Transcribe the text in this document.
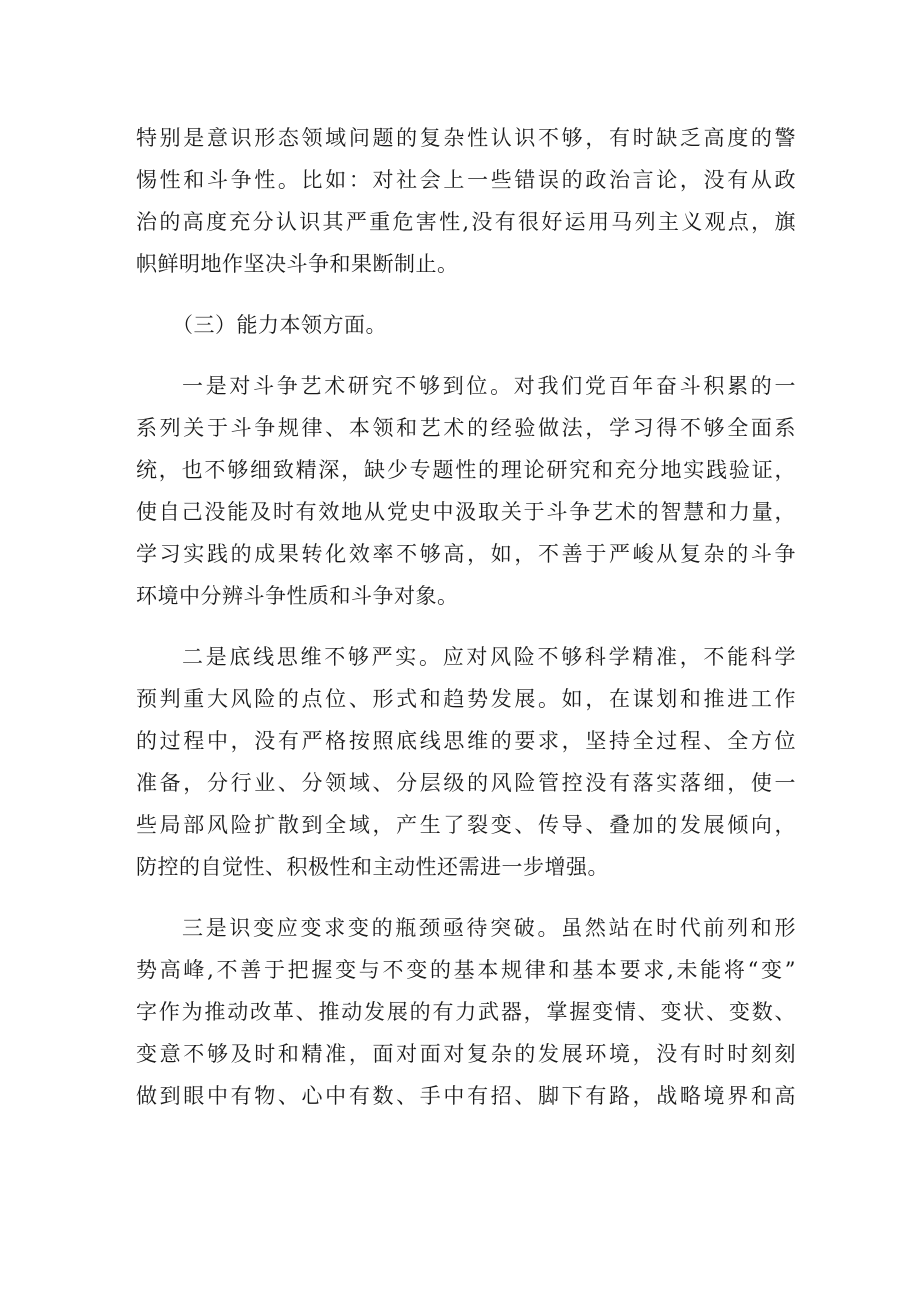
特别是意识形态领域问题的复杂性认识不够，有时缺乏高度的警
惕性和斗争性。比如：对社会上一些错误的政治言论，没有从政
治的高度充分认识其严重危害性,没有很好运用马列主义观点，旗
帜鲜明地作坚决斗争和果断制止。
（三）能力本领方面。
一是对斗争艺术研究不够到位。对我们党百年奋斗积累的一
系列关于斗争规律、本领和艺术的经验做法，学习得不够全面系
统，也不够细致精深，缺少专题性的理论研究和充分地实践验证，
使自己没能及时有效地从党史中汲取关于斗争艺术的智慧和力量，
学习实践的成果转化效率不够高，如，不善于严峻从复杂的斗争
环境中分辨斗争性质和斗争对象。
二是底线思维不够严实。应对风险不够科学精准，不能科学
预判重大风险的点位、形式和趋势发展。如，在谋划和推进工作
的过程中，没有严格按照底线思维的要求，坚持全过程、全方位
准备，分行业、分领域、分层级的风险管控没有落实落细，使一
些局部风险扩散到全域，产生了裂变、传导、叠加的发展倾向，
防控的自觉性、积极性和主动性还需进一步增强。
三是识变应变求变的瓶颈亟待突破。虽然站在时代前列和形
势高峰,不善于把握变与不变的基本规律和基本要求,未能将“变”
字作为推动改革、推动发展的有力武器，掌握变情、变状、变数、
变意不够及时和精准，面对面对复杂的发展环境，没有时时刻刻
做到眼中有物、心中有数、手中有招、脚下有路，战略境界和高
